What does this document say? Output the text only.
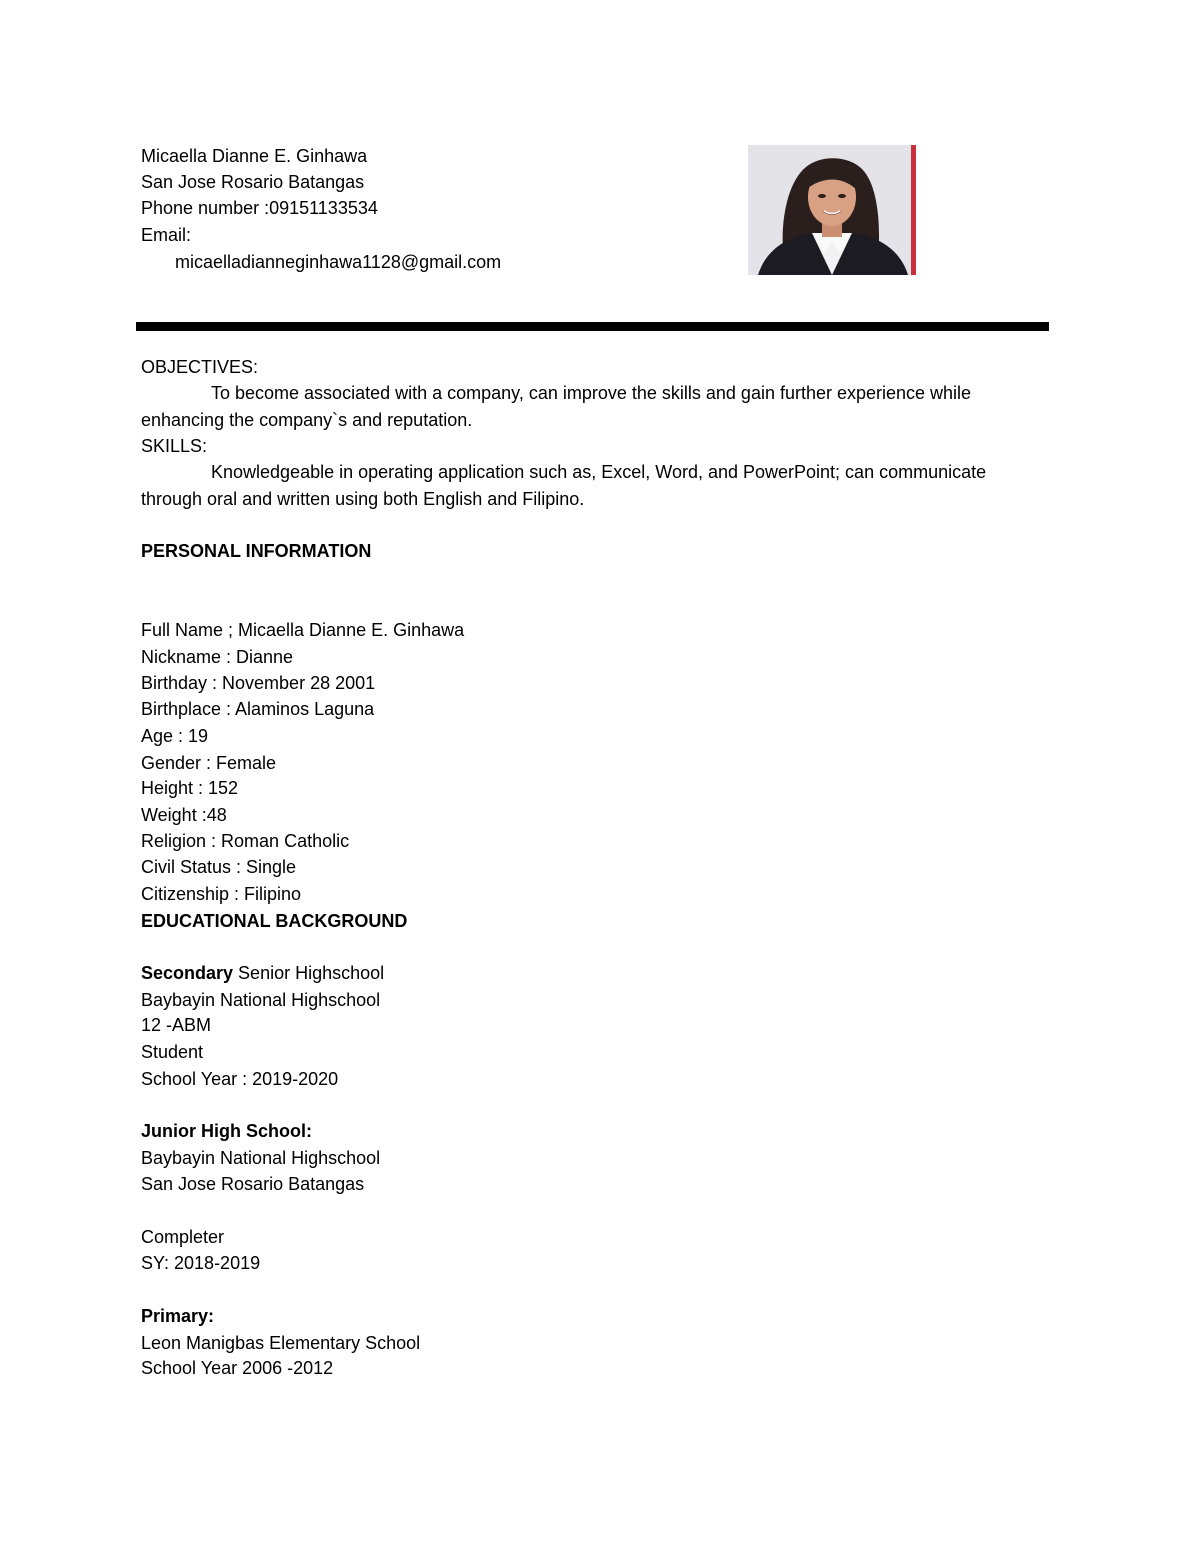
Micaella Dianne E. Ginhawa
San Jose Rosario Batangas
Phone number :09151133534
Email:
micaelladianneginhawa1128@gmail.com
OBJECTIVES:
To become associated with a company, can improve the skills and gain further experience while
enhancing the company`s and reputation.
SKILLS:
Knowledgeable in operating application such as, Excel, Word, and PowerPoint; can communicate
through oral and written using both English and Filipino.
PERSONAL INFORMATION
Full Name ; Micaella Dianne E. Ginhawa
Nickname : Dianne
Birthday : November 28 2001
Birthplace : Alaminos Laguna
Age : 19
Gender : Female
Height : 152
Weight :48
Religion : Roman Catholic
Civil Status : Single
Citizenship : Filipino
EDUCATIONAL BACKGROUND
Secondary Senior Highschool
Baybayin National Highschool
12 -ABM
Student
School Year : 2019-2020
Junior High School:
Baybayin National Highschool
San Jose Rosario Batangas
Completer
SY: 2018-2019
Primary:
Leon Manigbas Elementary School
School Year 2006 -2012
